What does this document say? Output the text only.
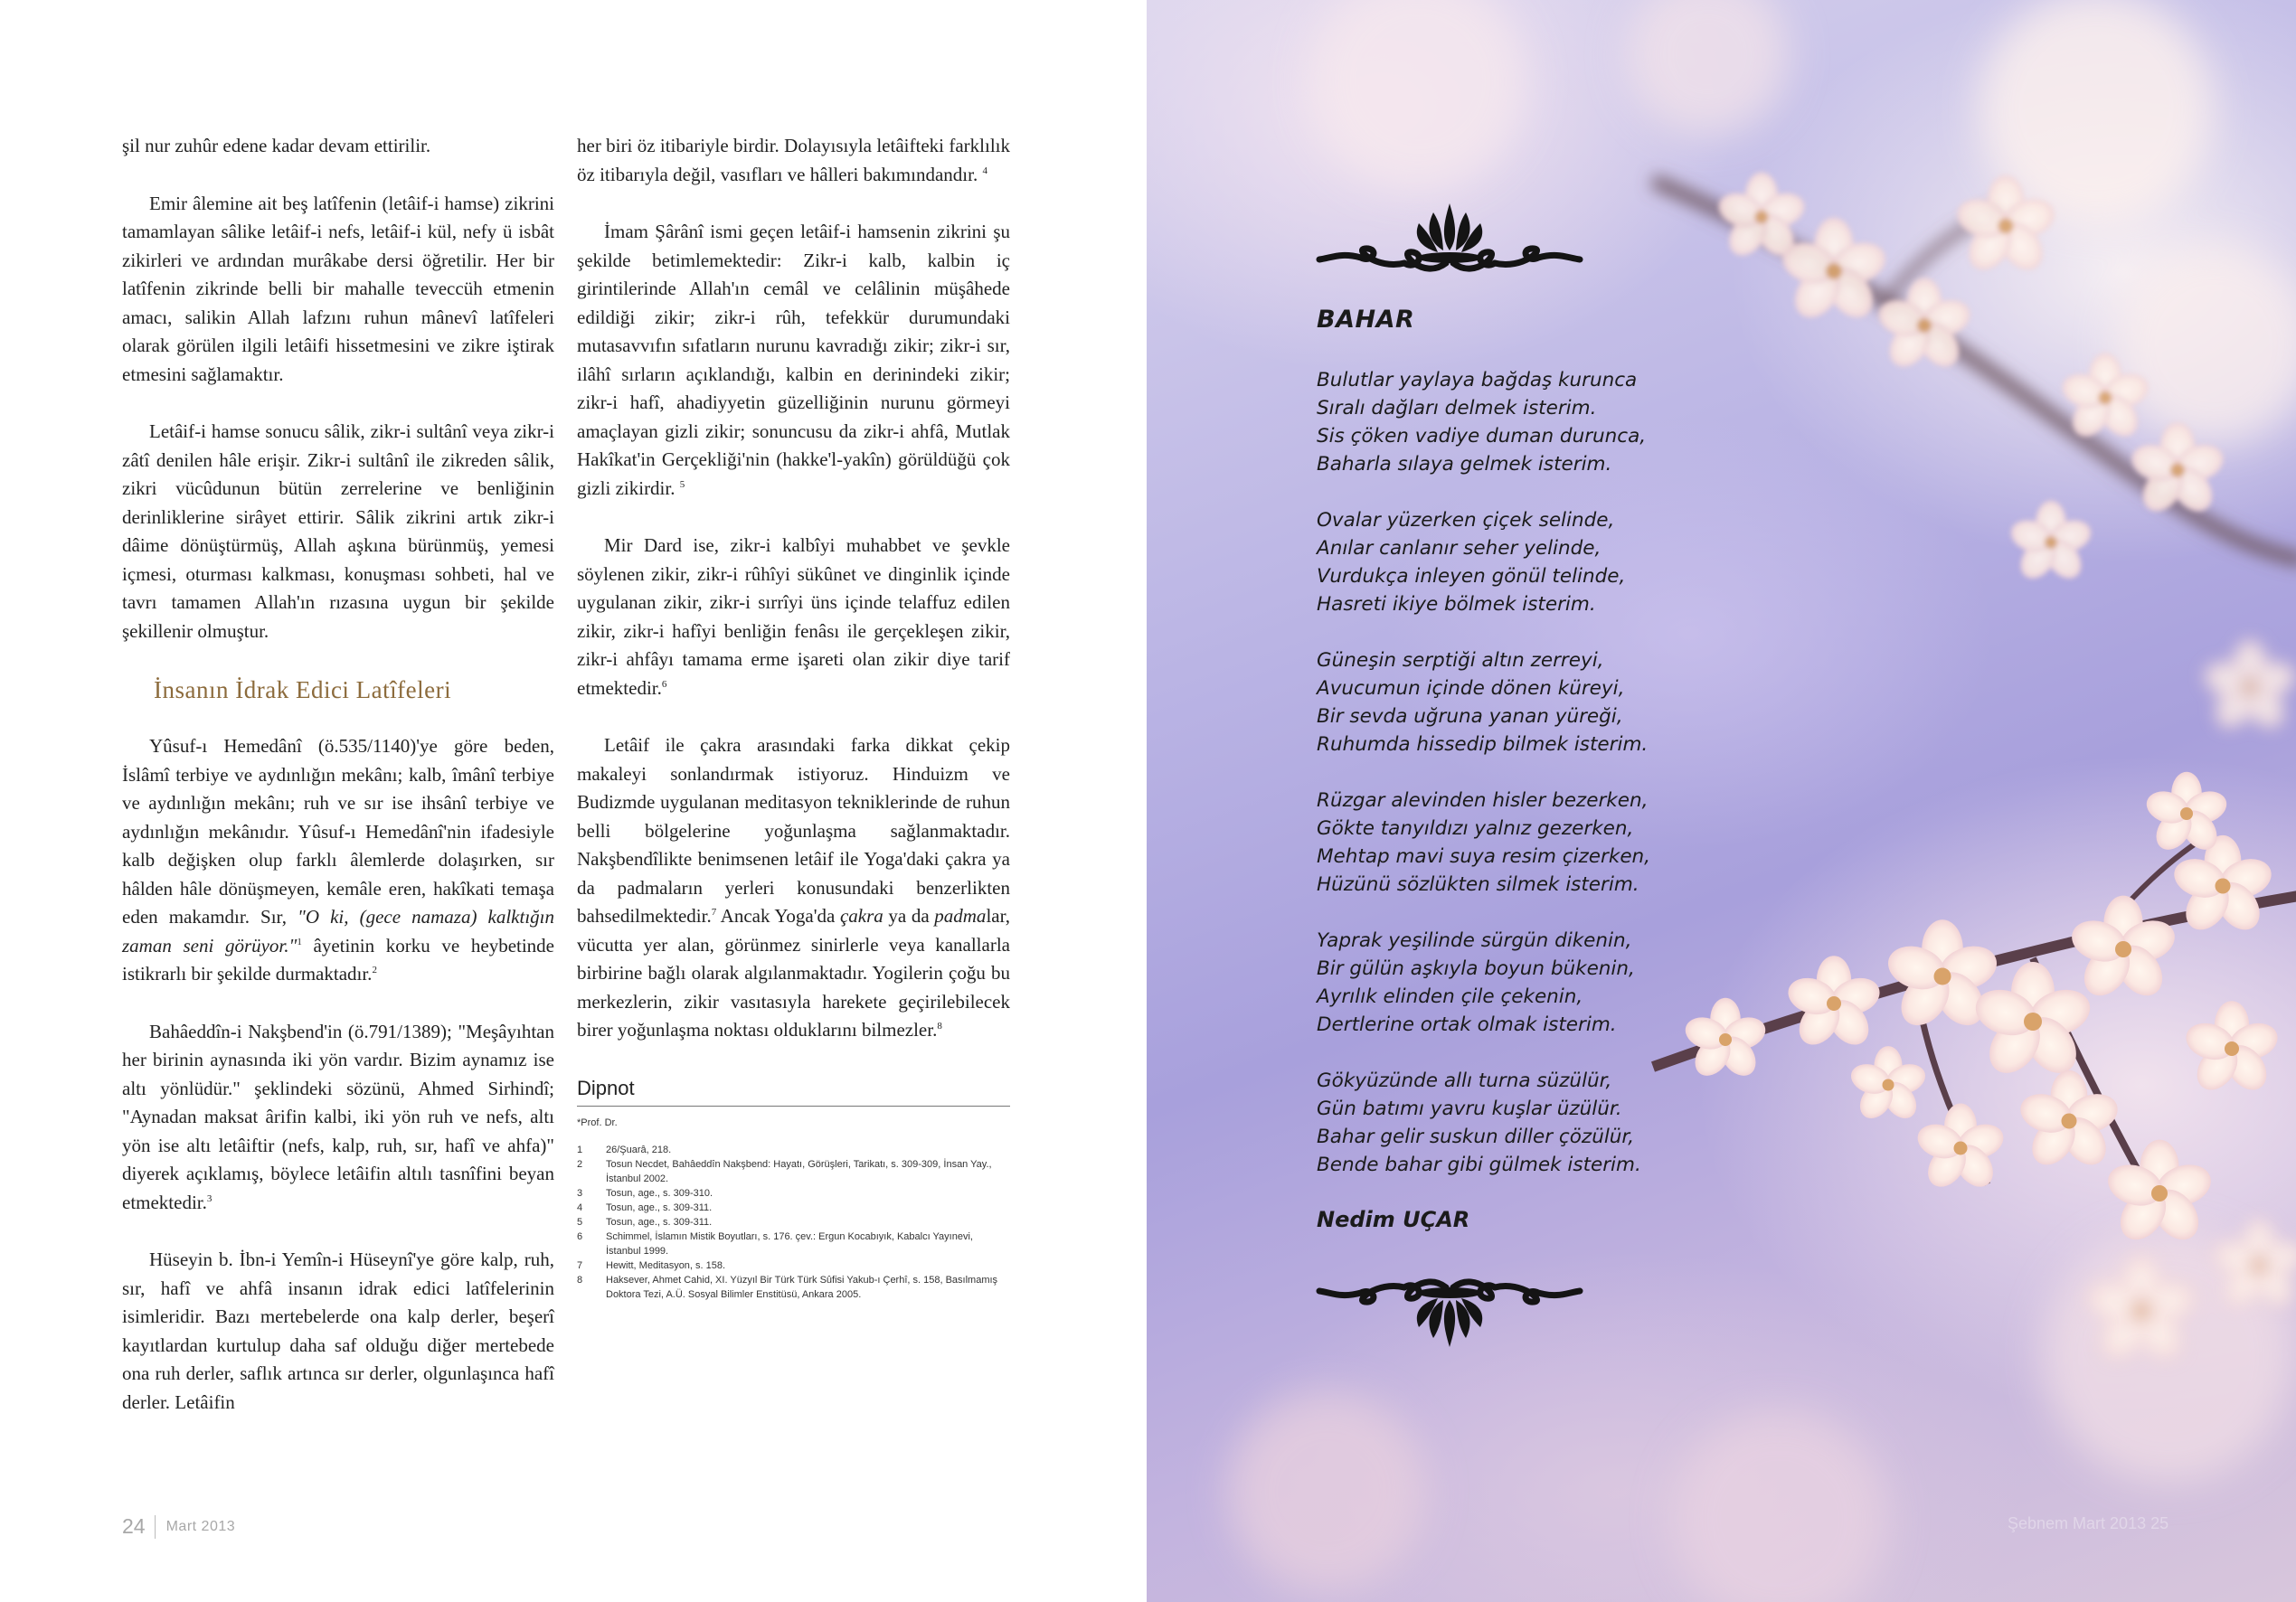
şil nur zuhûr edene kadar devam ettirilir.

Emir âlemine ait beş latîfenin (letâif-i hamse) zikrini tamamlayan sâlike letâif-i nefs, letâif-i kül, nefy ü isbât zikirleri ve ardından murâkabe dersi öğretilir. Her bir latîfenin zikrinde belli bir mahalle teveccüh etmenin amacı, salikin Allah lafzını ruhun mânevî latîfeleri olarak görülen ilgili letâifi hissetmesini ve zikre iştirak etmesini sağlamaktır.

Letâif-i hamse sonucu sâlik, zikr-i sultânî veya zikr-i zâtî denilen hâle erişir. Zikr-i sultânî ile zikreden sâlik, zikri vücûdunun bütün zerrelerine ve benliğinin derinliklerine sirâyet ettirir. Sâlik zikrini artık zikr-i dâime dönüştürmüş, Allah aşkına bürünmüş, yemesi içmesi, oturması kalkması, konuşması sohbeti, hal ve tavrı tamamen Allah'ın rızasına uygun bir şekilde şekillenir olmuştur.

İnsanın İdrak Edici Latîfeleri

Yûsuf-ı Hemedânî (ö.535/1140)'ye göre beden, İslâmî terbiye ve aydınlığın mekânı; kalb, îmânî terbiye ve aydınlığın mekânı; ruh ve sır ise ihsânî terbiye ve aydınlığın mekânıdır. Yûsuf-ı Hemedânî'nin ifadesiyle kalb değişken olup farklı âlemlerde dolaşırken, sır hâlden hâle dönüşmeyen, kemâle eren, hakîkati temaşa eden makamdır. Sır, "O ki, (gece namaza) kalktığın zaman seni görüyor."$^1$ âyetinin korku ve heybetinde istikrarlı bir şekilde durmaktadır.$^2$

Bahâeddîn-i Nakşbend'in (ö.791/1389); "Meşâyıhtan her birinin aynasında iki yön vardır. Bizim aynamız ise altı yönlüdür." şeklindeki sözünü, Ahmed Sirhindî; "Aynadan maksat ârifin kalbi, iki yön ruh ve nefs, altı yön ise altı letâiftir (nefs, kalp, ruh, sır, hafî ve ahfa)" diyerek açıklamış, böylece letâifin altılı tasnîfini beyan etmektedir.$^3$

Hüseyin b. İbn-i Yemîn-i Hüseynî'ye göre kalp, ruh, sır, hafî ve ahfâ insanın idrak edici latîfelerinin isimleridir. Bazı mertebelerde ona kalp derler, beşerî kayıtlardan kurtulup daha saf olduğu diğer mertebede ona ruh derler, saflık artınca sır derler, olgunlaşınca hafî derler. Letâifin

her biri öz itibariyle birdir. Dolayısıyla letâifteki farklılık öz itibarıyla değil, vasıfları ve hâlleri bakımındandır. $^4$

İmam Şârânî ismi geçen letâif-i hamsenin zikrini şu şekilde betimlemektedir: Zikr-i kalb, kalbin iç girintilerinde Allah'ın cemâl ve celâlinin müşâhede edildiği zikir; zikr-i rûh, tefekkür durumundaki mutasavvıfın sıfatların nurunu kavradığı zikir; zikr-i sır, ilâhî sırların açıklandığı, kalbin en derinindeki zikir; zikr-i hafî, ahadiyyetin güzelliğinin nurunu görmeyi amaçlayan gizli zikir; sonuncusu da zikr-i ahfâ, Mutlak Hakîkat'in Gerçekliği'nin (hakke'l-yakîn) görüldüğü çok gizli zikirdir. $^5$

Mir Dard ise, zikr-i kalbîyi muhabbet ve şevkle söylenen zikir, zikr-i rûhîyi sükûnet ve dinginlik içinde uygulanan zikir, zikr-i sırrîyi üns içinde telaffuz edilen zikir, zikr-i hafîyi benliğin fenâsı ile gerçekleşen zikir, zikr-i ahfâyı tamama erme işareti olan zikir diye tarif etmektedir.$^6$

Letâif ile çakra arasındaki farka dikkat çekip makaleyi sonlandırmak istiyoruz. Hinduizm ve Budizmde uygulanan meditasyon tekniklerinde de ruhun belli bölgelerine yoğunlaşma sağlanmaktadır. Nakşbendîlikte benimsenen letâif ile Yoga'daki çakra ya da padmaların yerleri konusundaki benzerlikten bahsedilmektedir.$^7$ Ancak Yoga'da çakra ya da padmalar, vücutta yer alan, görünmez sinirlerle veya kanallarla birbirine bağlı olarak algılanmaktadır. Yogilerin çoğu bu merkezlerin, zikir vasıtasıyla harekete geçirilebilecek birer yoğunlaşma noktası olduklarını bilmezler.$^8$

Dipnot
*Prof. Dr.
1	26/Şuarâ, 218.
2	Tosun Necdet, Bahâeddîn Nakşbend: Hayatı, Görüşleri, Tarikatı, s. 309-309, İnsan Yay., İstanbul 2002.
3	Tosun, age., s. 309-310.
4	Tosun, age., s. 309-311.
5	Tosun, age., s. 309-311.
6	Schimmel, İslamın Mistik Boyutları, s. 176. çev.: Ergun Kocabıyık, Kabalcı Yayınevi, İstanbul 1999.
7	Hewitt, Meditasyon, s. 158.
8	Haksever, Ahmet Cahid, XI. Yüzyıl Bir Türk Türk Sûfisi Yakub-ı Çerhî, s. 158, Basılmamış Doktora Tezi, A.Ü. Sosyal Bilimler Enstitüsü, Ankara 2005.
24 Mart 2013
BAHAR
Bulutlar yaylaya bağdaş kurunca
Sıralı dağları delmek isterim.
Sis çöken vadiye duman durunca,
Baharla sılaya gelmek isterim.
Ovalar yüzerken çiçek selinde,
Anılar canlanır seher yelinde,
Vurdukça inleyen gönül telinde,
Hasreti ikiye bölmek isterim.
Güneşin serptiği altın zerreyi,
Avucumun içinde dönen küreyi,
Bir sevda uğruna yanan yüreği,
Ruhumda hissedip bilmek isterim.
Rüzgar alevinden hisler bezerken,
Gökte tanyıldızı yalnız gezerken,
Mehtap mavi suya resim çizerken,
Hüzünü sözlükten silmek isterim.
Yaprak yeşilinde sürgün dikenin,
Bir gülün aşkıyla boyun bükenin,
Ayrılık elinden çile çekenin,
Dertlerine ortak olmak isterim.
Gökyüzünde allı turna süzülür,
Gün batımı yavru kuşlar üzülür.
Bahar gelir suskun diller çözülür,
Bende bahar gibi gülmek isterim.
Nedim UÇAR
Şebnem Mart 2013 25
